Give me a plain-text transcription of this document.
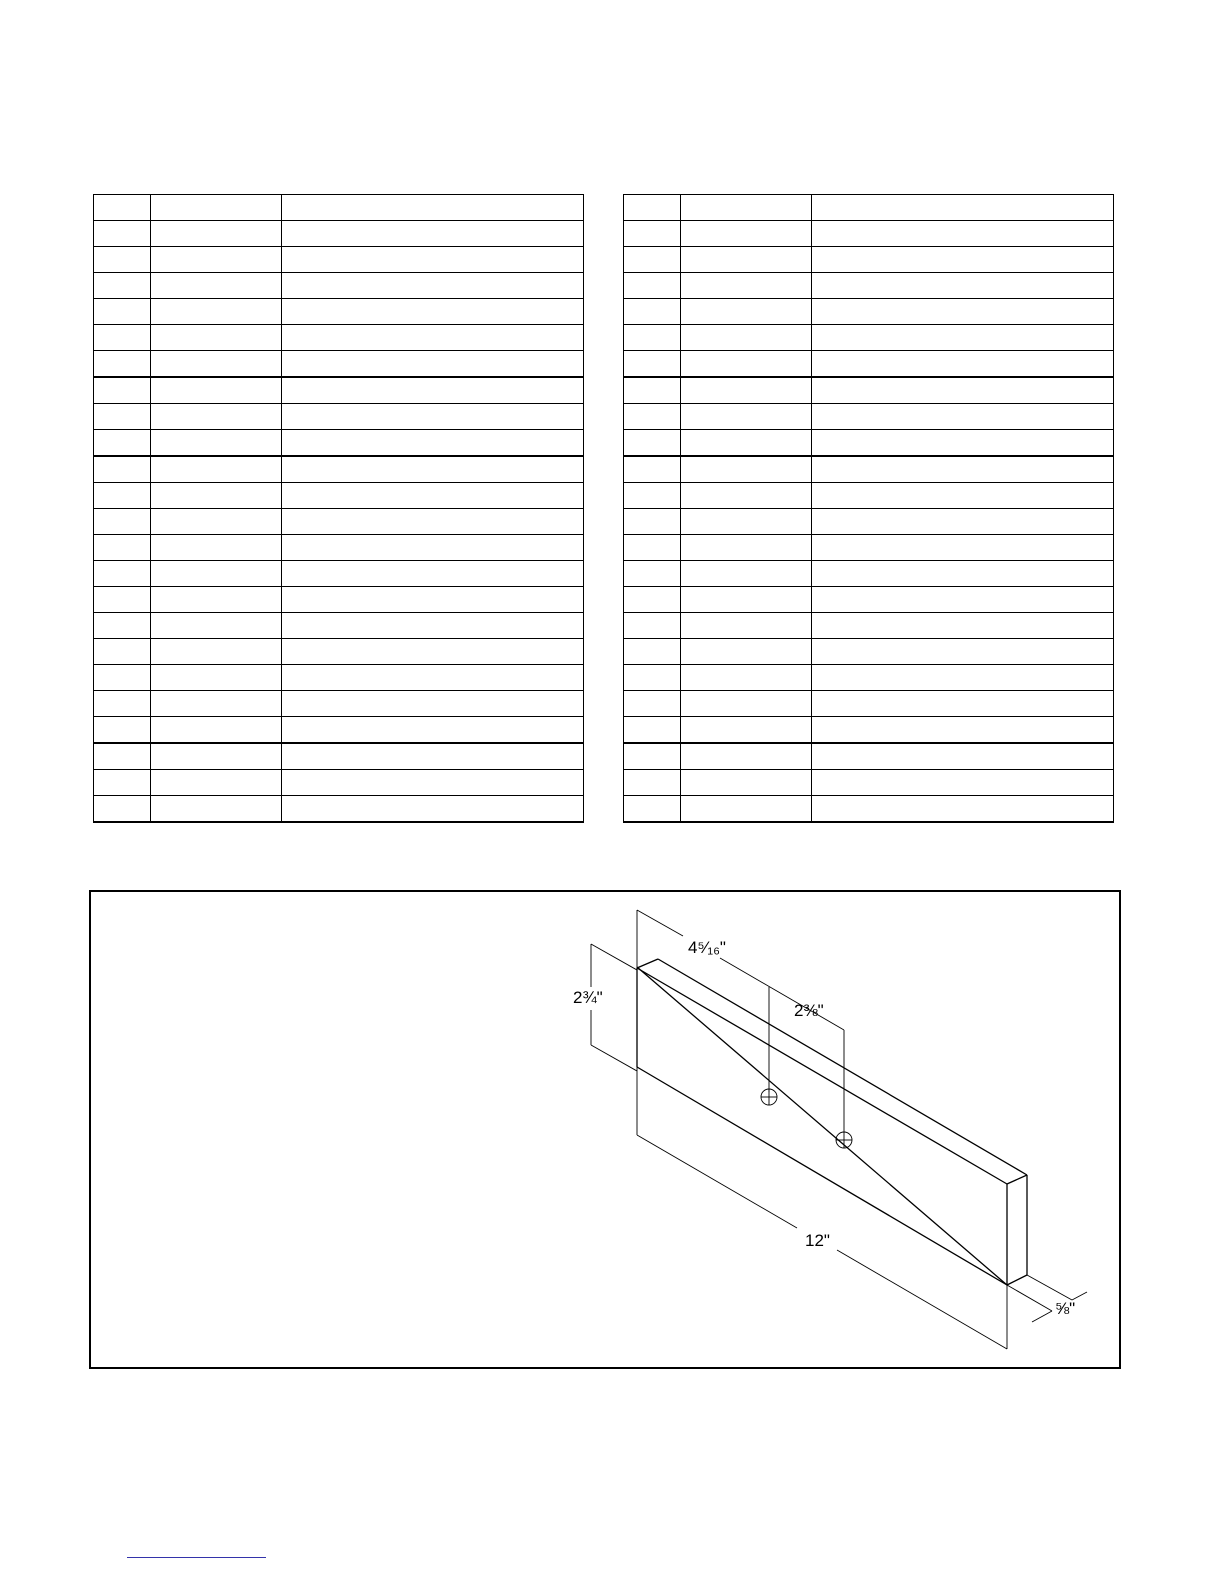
4⁵⁄₁₆"
2⅜"
2¾"
12"
⅝"
